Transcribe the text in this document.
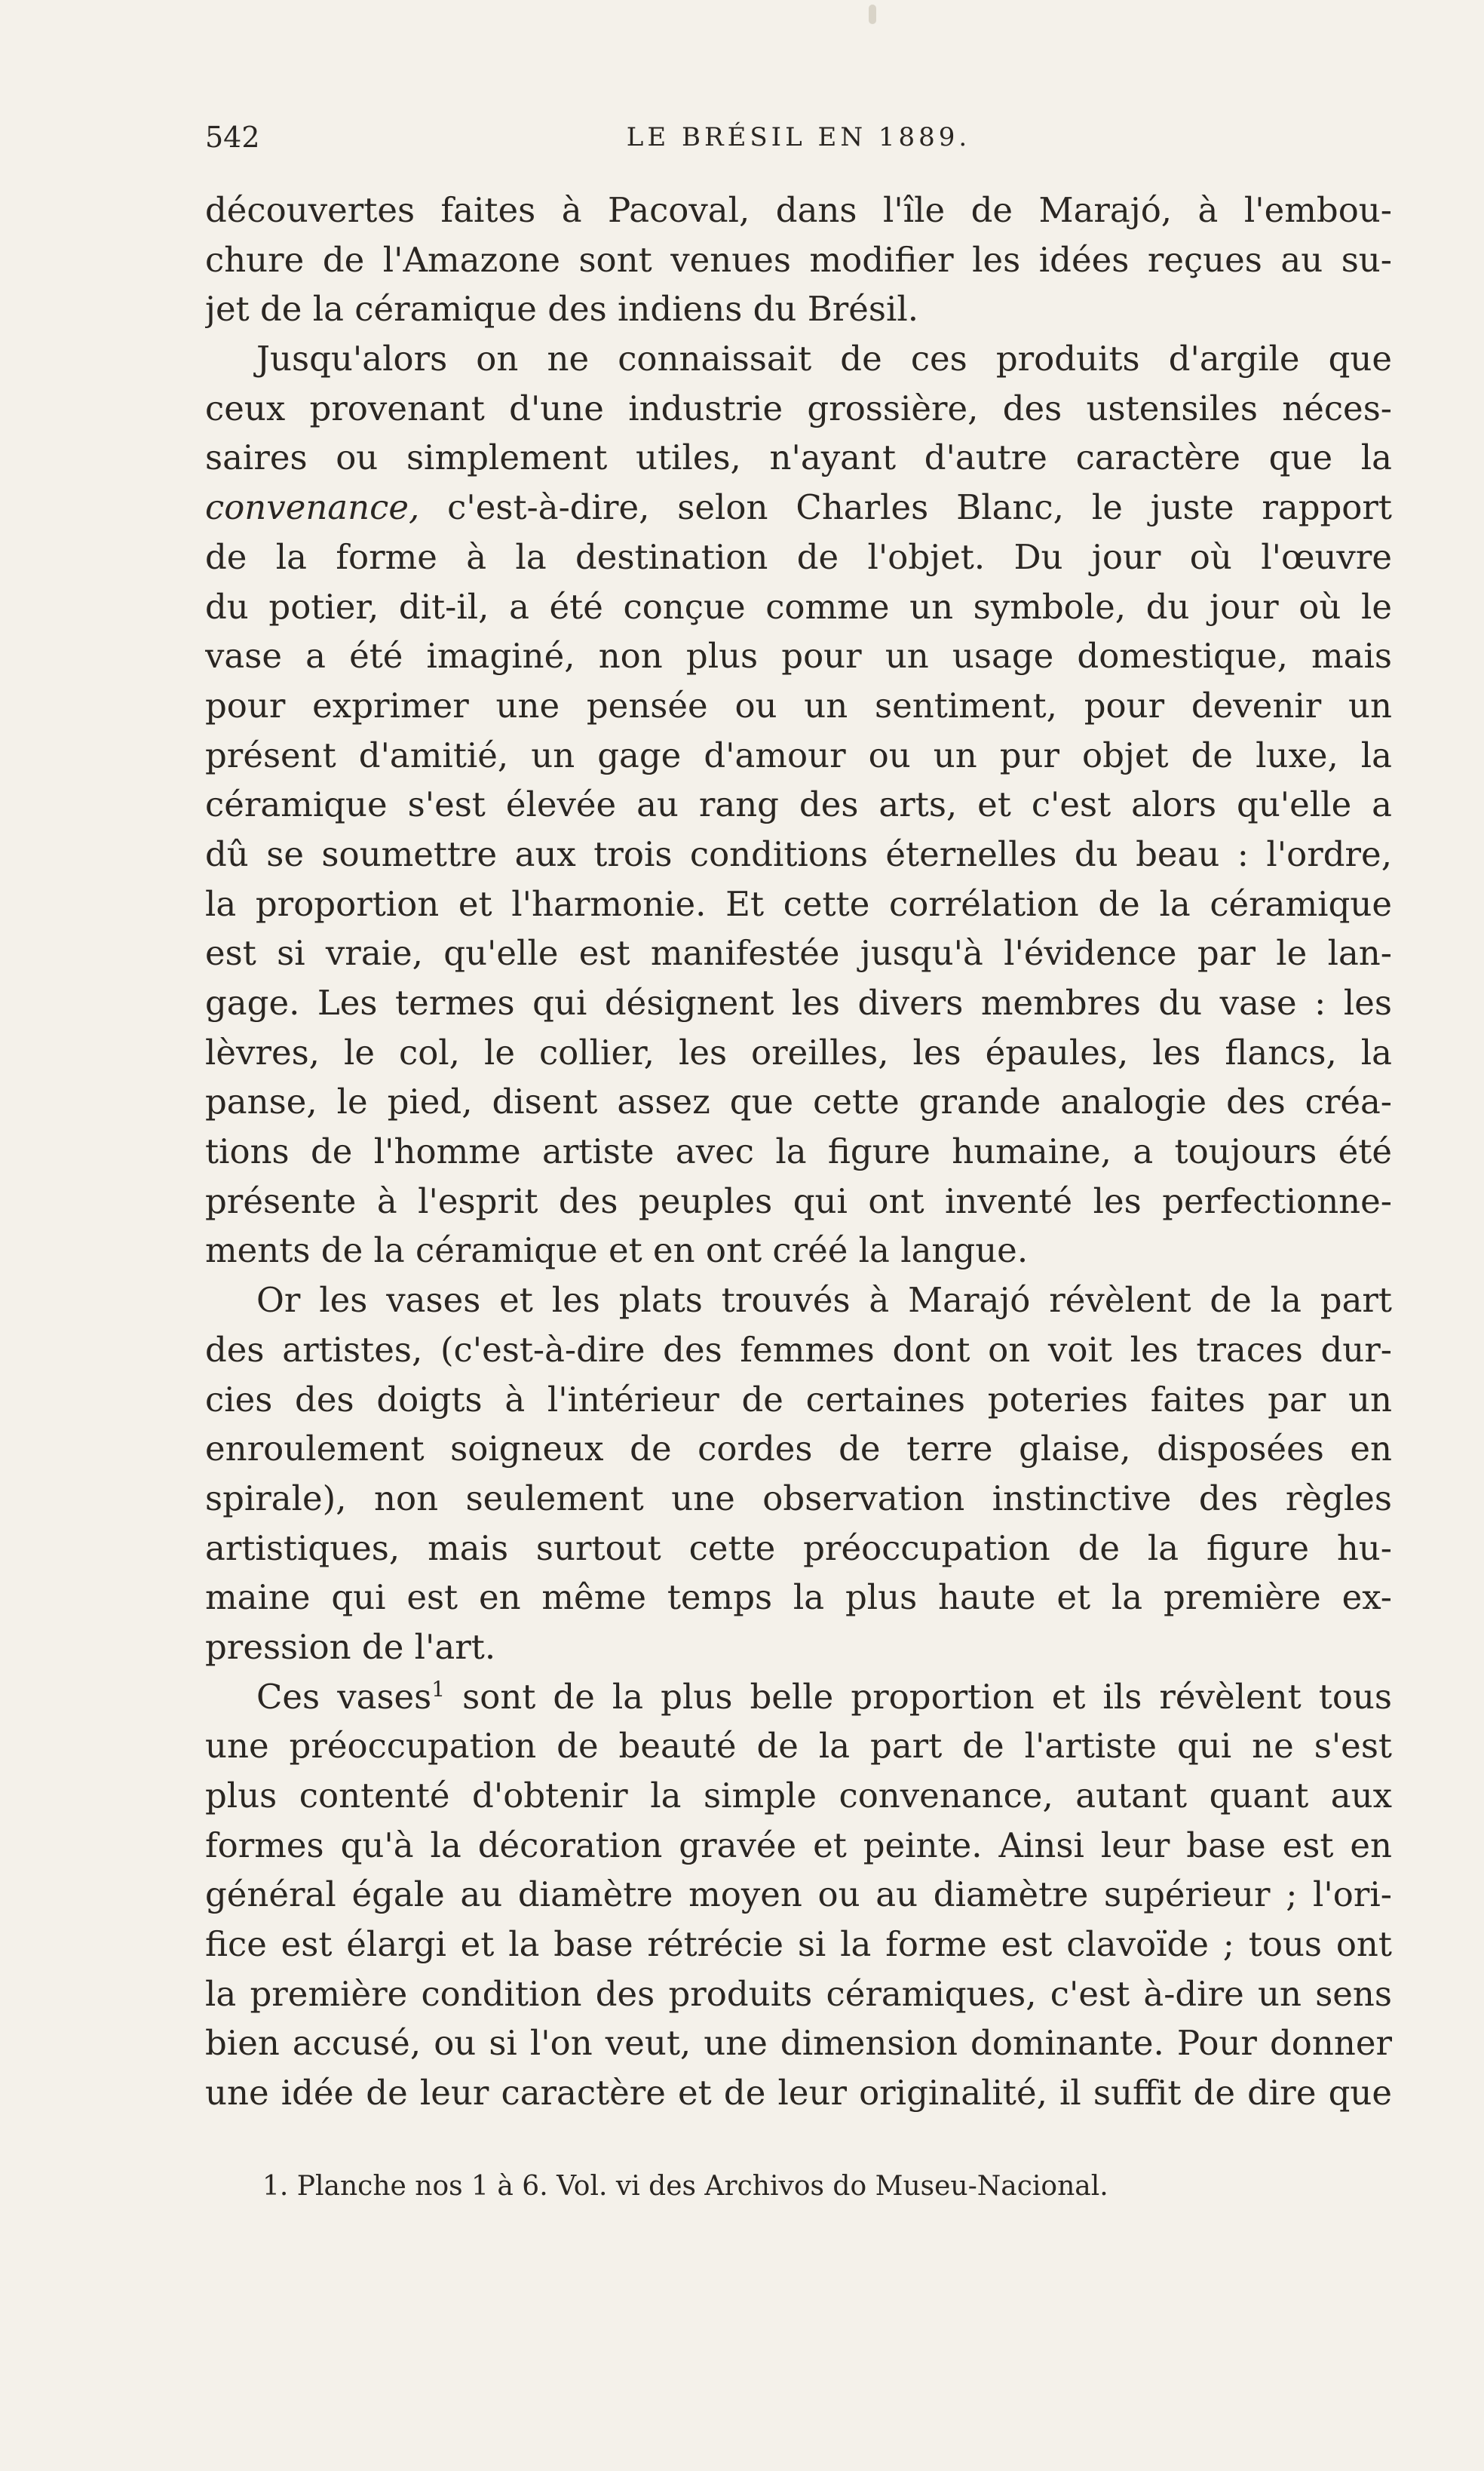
542	LE BRÉSIL EN 1889.
découvertes faites à Pacoval, dans l'île de Marajó, à l'embou-
chure de l'Amazone sont venues modifier les idées reçues au su-
jet de la céramique des indiens du Brésil.
Jusqu'alors on ne connaissait de ces produits d'argile que
ceux provenant d'une industrie grossière, des ustensiles néces-
saires ou simplement utiles, n'ayant d'autre caractère que la
convenance, c'est-à-dire, selon Charles Blanc, le juste rapport
de la forme à la destination de l'objet. Du jour où l'œuvre
du potier, dit-il, a été conçue comme un symbole, du jour où le
vase a été imaginé, non plus pour un usage domestique, mais
pour exprimer une pensée ou un sentiment, pour devenir un
présent d'amitié, un gage d'amour ou un pur objet de luxe, la
céramique s'est élevée au rang des arts, et c'est alors qu'elle a
dû se soumettre aux trois conditions éternelles du beau : l'ordre,
la proportion et l'harmonie. Et cette corrélation de la céramique
est si vraie, qu'elle est manifestée jusqu'à l'évidence par le lan-
gage. Les termes qui désignent les divers membres du vase : les
lèvres, le col, le collier, les oreilles, les épaules, les flancs, la
panse, le pied, disent assez que cette grande analogie des créa-
tions de l'homme artiste avec la figure humaine, a toujours été
présente à l'esprit des peuples qui ont inventé les perfectionne-
ments de la céramique et en ont créé la langue.
Or les vases et les plats trouvés à Marajó révèlent de la part
des artistes, (c'est-à-dire des femmes dont on voit les traces dur-
cies des doigts à l'intérieur de certaines poteries faites par un
enroulement soigneux de cordes de terre glaise, disposées en
spirale), non seulement une observation instinctive des règles
artistiques, mais surtout cette préoccupation de la figure hu-
maine qui est en même temps la plus haute et la première ex-
pression de l'art.
Ces vases$^1$ sont de la plus belle proportion et ils révèlent tous
une préoccupation de beauté de la part de l'artiste qui ne s'est
plus contenté d'obtenir la simple convenance, autant quant aux
formes qu'à la décoration gravée et peinte. Ainsi leur base est en
général égale au diamètre moyen ou au diamètre supérieur ; l'ori-
fice est élargi et la base rétrécie si la forme est clavoïde ; tous ont
la première condition des produits céramiques, c'est à-dire un sens
bien accusé, ou si l'on veut, une dimension dominante. Pour donner
une idée de leur caractère et de leur originalité, il suffit de dire que
1. Planche nos 1 à 6. Vol. vi des Archivos do Museu-Nacional.
